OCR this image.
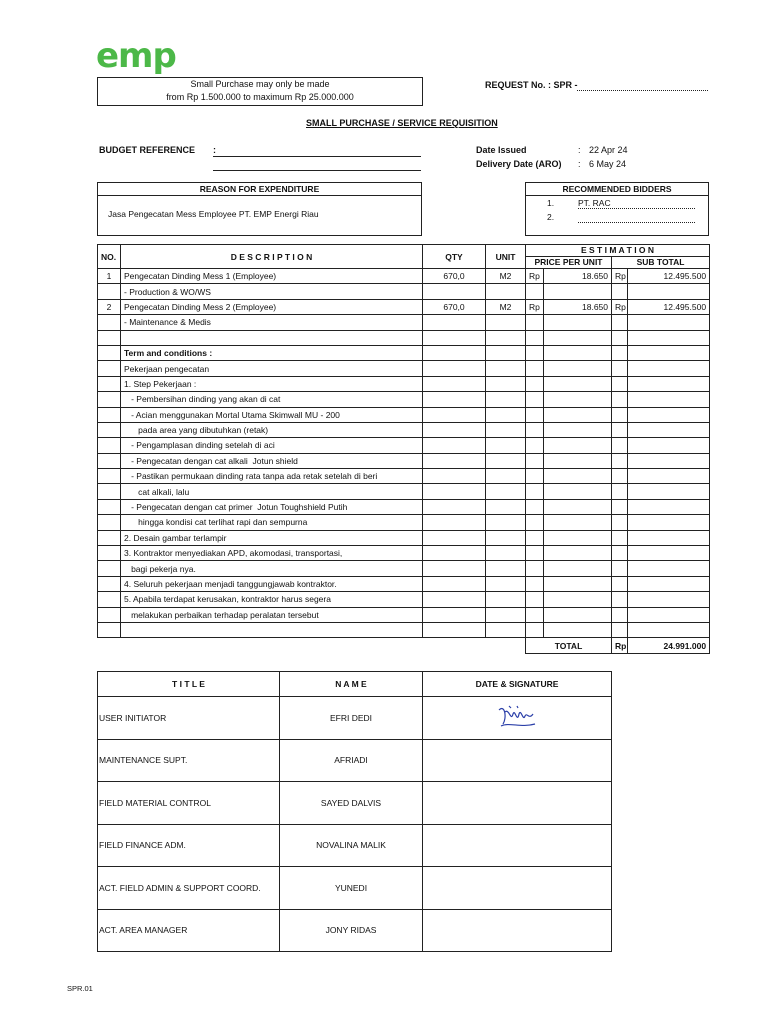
emp
Small Purchase may only be made
from Rp 1.500.000 to maximum Rp 25.000.000
REQUEST No. : SPR -
SMALL PURCHASE / SERVICE REQUISITION
BUDGET REFERENCE :	Date Issued	: 22 Apr 24
Delivery Date (ARO) : 6 May 24
REASON FOR EXPENDITURE
Jasa Pengecatan Mess Employee PT. EMP Energi Riau
RECOMMENDED BIDDERS
1.	PT. RAC
2.
NO.	D E S C R I P T I O N	QTY	UNIT	E S T I M A T I O N			
				PRICE PER UNIT		SUB TOTAL	
1	Pengecatan Dinding Mess 1 (Employee)	670,0	M2	Rp	18.650	Rp	12.495.500
	- Production & WO/WS						
2	Pengecatan Dinding Mess 2 (Employee)	670,0	M2	Rp	18.650	Rp	12.495.500
	- Maintenance & Medis						

	Term and conditions :						
	Pekerjaan pengecatan						
	1. Step Pekerjaan :						
	- Pembersihan dinding yang akan di cat						
	- Acian menggunakan Mortal Utama Skimwall MU - 200						
	pada area yang dibutuhkan (retak)						
	- Pengamplasan dinding setelah di aci						
	- Pengecatan dengan cat alkali  Jotun shield						
	- Pastikan permukaan dinding rata tanpa ada retak setelah di beri						
	cat alkali, lalu						
	- Pengecatan dengan cat primer  Jotun Toughshield Putih						
	hingga kondisi cat terlihat rapi dan sempurna						
	2. Desain gambar terlampir						
	3. Kontraktor menyediakan APD, akomodasi, transportasi,						
	bagi pekerja nya.						
	4. Seluruh pekerjaan menjadi tanggungjawab kontraktor.						
	5. Apabila terdapat kerusakan, kontraktor harus segera						
	melakukan perbaikan terhadap peralatan tersebut						

				TOTAL		Rp	24.991.000
T I T L E	N A M E	DATE & SIGNATURE
USER INITIATOR	EFRI DEDI	
MAINTENANCE SUPT.	AFRIADI	
FIELD MATERIAL CONTROL	SAYED DALVIS	
FIELD FINANCE ADM.	NOVALINA MALIK	
ACT. FIELD ADMIN & SUPPORT COORD.	YUNEDI	
ACT. AREA MANAGER	JONY RIDAS	
SPR.01
